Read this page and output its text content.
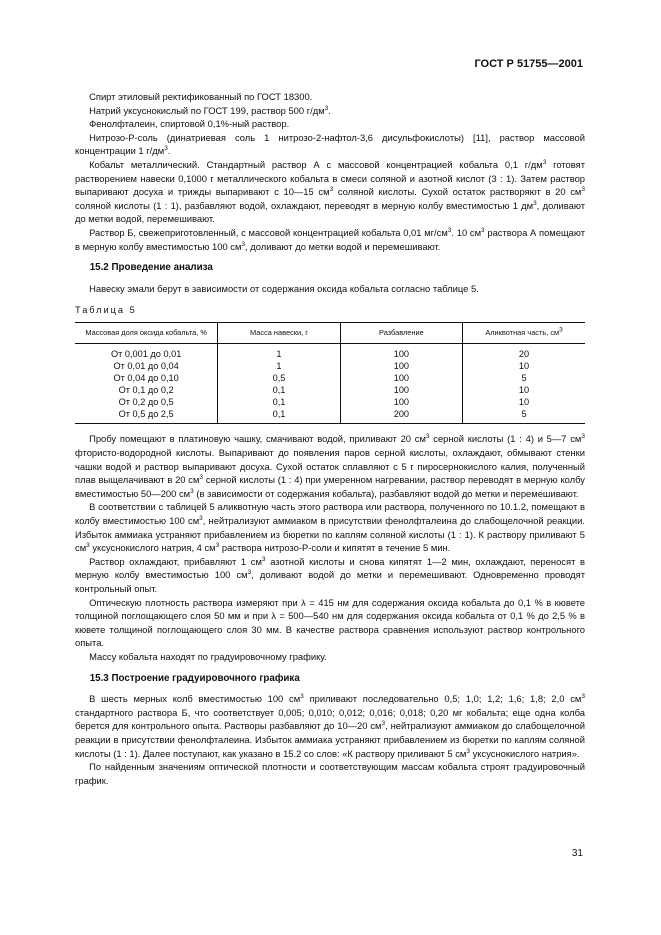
ГОСТ Р 51755—2001

Спирт этиловый ректификованный по ГОСТ 18300.

Натрий уксуснокислый по ГОСТ 199, раствор 500 $г/дм^3$.

Фенолфталеин, спиртовой 0,1%-ный раствор.

Нитрозо-Р-соль (динатриевая соль 1 нитрозо-2-нафтол-3,6 дисульфокислоты) [11], раствор массовой концентрации 1 $г/дм^3$.

Кобальт металлический. Стандартный раствор А с массовой концентрацией кобальта 0,1 $г/дм^3$ готовят растворением навески 0,1000 г металлического кобальта в смеси соляной и азотной кислот (3 : 1). Затем раствор выпаривают досуха и трижды выпаривают с 10—15 $см^3$ соляной кислоты. Сухой остаток растворяют в 20 $см^3$ соляной кислоты (1 : 1), разбавляют водой, охлаждают, переводят в мерную колбу вместимостью 1 $дм^3$, доливают до метки водой, перемешивают.

Раствор Б, свежеприготовленный, с массовой концентрацией кобальта 0,01 $мг/см^3$. 10 $см^3$ раствора А помещают в мерную колбу вместимостью 100 $см^3$, доливают до метки водой и перемешивают.

15.2 Проведение анализа

Навеску эмали берут в зависимости от содержания оксида кобальта согласно таблице 5.

Таблица 5
Массовая доля оксида кобальта, %	Масса навески, г	Разбавление	Аликвотная часть, $см^3$
От 0,001 до 0,01	1	100	20
От 0,01 до 0,04	1	100	10
От 0,04 до 0,10	0,5	100	5
От 0,1 до 0,2	0,1	100	10
От 0,2 до 0,5	0,1	100	10
От 0,5 до 2,5	0,1	200	5

Пробу помещают в платиновую чашку, смачивают водой, приливают 20 $см^3$ серной кислоты (1 : 4) и 5—7 $см^3$ фтористо-водородной кислоты. Выпаривают до появления паров серной кислоты, охлаждают, обмывают стенки чашки водой и раствор выпаривают досуха. Сухой остаток сплавляют с 5 г пиросернокислого калия, полученный плав выщелачивают в 20 $см^3$ серной кислоты (1 : 4) при умеренном нагревании, раствор переводят в мерную колбу вместимостью 50—200 $см^3$ (в зависимости от содержания кобальта), разбавляют водой до метки и перемешивают.

В соответствии с таблицей 5 аликвотную часть этого раствора или раствора, полученного по 10.1.2, помещают в колбу вместимостью 100 $см^3$, нейтрализуют аммиаком в присутствии фенолфталеина до слабощелочной реакции. Избыток аммиака устраняют прибавлением из бюретки по каплям соляной кислоты (1 : 1). К раствору приливают 5 $см^3$ уксуснокислого натрия, 4 $см^3$ раствора нитрозо-Р-соли и кипятят в течение 5 мин.

Раствор охлаждают, прибавляют 1 $см^3$ азотной кислоты и снова кипятят 1—2 мин, охлаждают, переносят в мерную колбу вместимостью 100 $см^3$, доливают водой до метки и перемешивают. Одновременно проводят контрольный опыт.

Оптическую плотность раствора измеряют при λ = 415 нм для содержания оксида кобальта до 0,1 % в кювете толщиной поглощающего слоя 50 мм и при λ = 500—540 нм для содержания оксида кобальта от 0,1 % до 2,5 % в кювете толщиной поглощающего слоя 30 мм. В качестве раствора сравнения используют раствор контрольного опыта.

Массу кобальта находят по градуировочному графику.

15.3 Построение градуировочного графика

В шесть мерных колб вместимостью 100 $см^3$ приливают последовательно 0,5; 1,0; 1,2; 1,6; 1,8; 2,0 $см^3$ стандартного раствора Б, что соответствует 0,005; 0,010; 0,012; 0,016; 0,018; 0,20 мг кобальта; еще одна колба берется для контрольного опыта. Растворы разбавляют до 10—20 $см^3$, нейтрализуют аммиаком до слабощелочной реакции в присутствии фенолфталеина. Избыток аммиака устраняют прибавлением из бюретки по каплям соляной кислоты (1 : 1). Далее поступают, как указано в 15.2 со слов: «К раствору приливают 5 $см^3$ уксуснокислого натрия».

По найденным значениям оптической плотности и соответствующим массам кобальта строят градуировочный график.

31
